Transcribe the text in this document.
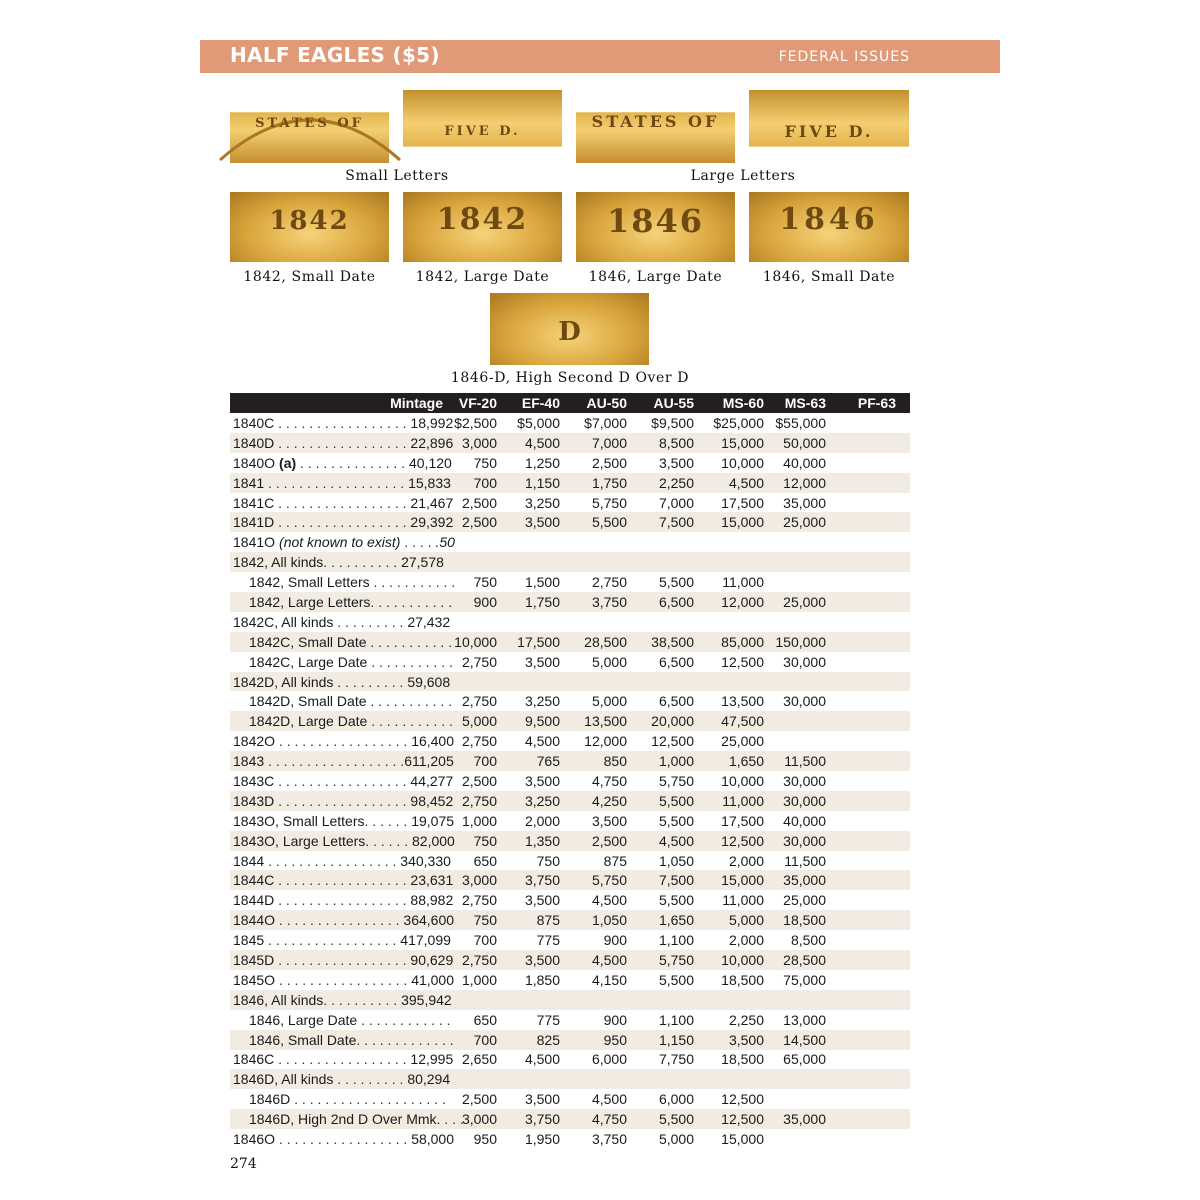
HALF EAGLES ($5)	FEDERAL ISSUES
STATES OF
FIVE D.
STATES OF
FIVE D.
Small Letters	Large Letters
1842	1842	1846	1846
1842, Small Date	1842, Large Date	1846, Large Date	1846, Small Date
D
1846-D, High Second D Over D
Mintage	VF-20	EF-40	AU-50	AU-55	MS-60	MS-63	PF-63
1840C . . . . . . . . . . . . . . . . . 18,992	$2,500	$5,000	$7,000	$9,500	$25,000	$55,000	
1840D . . . . . . . . . . . . . . . . . 22,896	3,000	4,500	7,000	8,500	15,000	50,000	
1840O (a) . . . . . . . . . . . . . . 40,120	750	1,250	2,500	3,500	10,000	40,000	
1841 . . . . . . . . . . . . . . . . . . 15,833	700	1,150	1,750	2,250	4,500	12,000	
1841C . . . . . . . . . . . . . . . . . 21,467	2,500	3,250	5,750	7,000	17,500	35,000	
1841D . . . . . . . . . . . . . . . . . 29,392	2,500	3,500	5,500	7,500	15,000	25,000	
1841O (not known to exist) . . . . .50							
1842, All kinds. . . . . . . . . . 27,578							
1842, Small Letters . . . . . . . . . . .	750	1,500	2,750	5,500	11,000		
1842, Large Letters. . . . . . . . . . .	900	1,750	3,750	6,500	12,000	25,000	
1842C, All kinds . . . . . . . . . 27,432							
1842C, Small Date . . . . . . . . . . .	10,000	17,500	28,500	38,500	85,000	150,000	
1842C, Large Date . . . . . . . . . . .	2,750	3,500	5,000	6,500	12,500	30,000	
1842D, All kinds . . . . . . . . . 59,608							
1842D, Small Date . . . . . . . . . . .	2,750	3,250	5,000	6,500	13,500	30,000	
1842D, Large Date . . . . . . . . . . .	5,000	9,500	13,500	20,000	47,500		
1842O . . . . . . . . . . . . . . . . . 16,400	2,750	4,500	12,000	12,500	25,000		
1843 . . . . . . . . . . . . . . . . . .611,205	700	765	850	1,000	1,650	11,500	
1843C . . . . . . . . . . . . . . . . . 44,277	2,500	3,500	4,750	5,750	10,000	30,000	
1843D . . . . . . . . . . . . . . . . . 98,452	2,750	3,250	4,250	5,500	11,000	30,000	
1843O, Small Letters. . . . . . 19,075	1,000	2,000	3,500	5,500	17,500	40,000	
1843O, Large Letters. . . . . . 82,000	750	1,350	2,500	4,500	12,500	30,000	
1844 . . . . . . . . . . . . . . . . . 340,330	650	750	875	1,050	2,000	11,500	
1844C . . . . . . . . . . . . . . . . . 23,631	3,000	3,750	5,750	7,500	15,000	35,000	
1844D . . . . . . . . . . . . . . . . . 88,982	2,750	3,500	4,500	5,500	11,000	25,000	
1844O . . . . . . . . . . . . . . . . 364,600	750	875	1,050	1,650	5,000	18,500	
1845 . . . . . . . . . . . . . . . . . 417,099	700	775	900	1,100	2,000	8,500	
1845D . . . . . . . . . . . . . . . . . 90,629	2,750	3,500	4,500	5,750	10,000	28,500	
1845O . . . . . . . . . . . . . . . . . 41,000	1,000	1,850	4,150	5,500	18,500	75,000	
1846, All kinds. . . . . . . . . . 395,942							
1846, Large Date . . . . . . . . . . . .	650	775	900	1,100	2,250	13,000	
1846, Small Date. . . . . . . . . . . . .	700	825	950	1,150	3,500	14,500	
1846C . . . . . . . . . . . . . . . . . 12,995	2,650	4,500	6,000	7,750	18,500	65,000	
1846D, All kinds . . . . . . . . . 80,294							
1846D . . . . . . . . . . . . . . . . . . . .	2,500	3,500	4,500	6,000	12,500		
1846D, High 2nd D Over Mmk. . . .	3,000	3,750	4,750	5,500	12,500	35,000	
1846O . . . . . . . . . . . . . . . . . 58,000	950	1,950	3,750	5,000	15,000		
274
